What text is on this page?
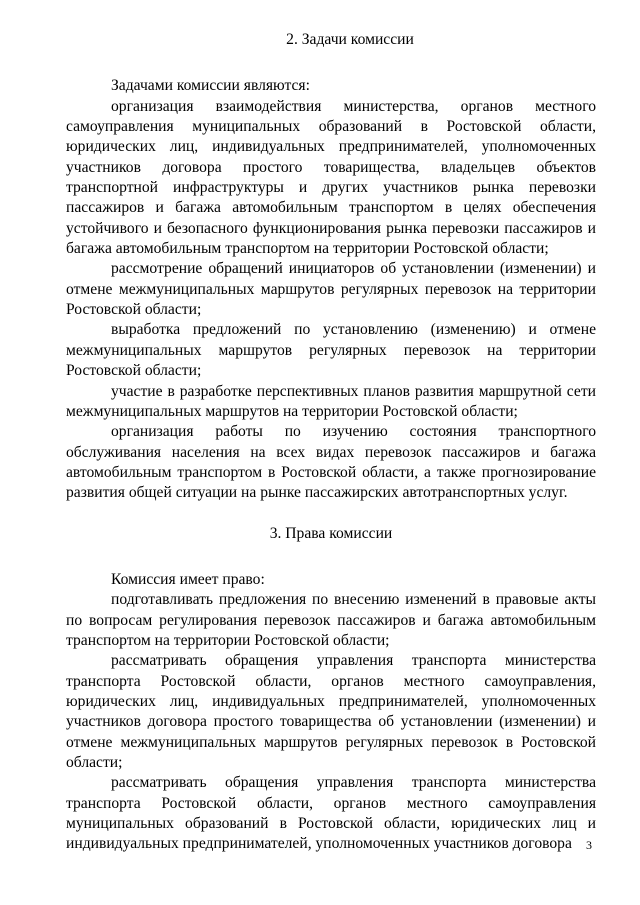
2. Задачи комиссии

Задачами комиссии являются:

организация взаимодействия министерства, органов местного самоуправления муниципальных образований в Ростовской области, юридических лиц, индивидуальных предпринимателей, уполномоченных участников договора простого товарищества, владельцев объектов транспортной инфраструктуры и других участников рынка перевозки пассажиров и багажа автомобильным транспортом в целях обеспечения устойчивого и безопасного функционирования рынка перевозки пассажиров и багажа автомобильным транспортом на территории Ростовской области;

рассмотрение обращений инициаторов об установлении (изменении) и отмене межмуниципальных маршрутов регулярных перевозок на территории Ростовской области;

выработка предложений по установлению (изменению) и отмене межмуниципальных маршрутов регулярных перевозок на территории Ростовской области;

участие в разработке перспективных планов развития маршрутной сети межмуниципальных маршрутов на территории Ростовской области;

организация работы по изучению состояния транспортного обслуживания населения на всех видах перевозок пассажиров и багажа автомобильным транспортом в Ростовской области, а также прогнозирование развития общей ситуации на рынке пассажирских автотранспортных услуг.

3. Права комиссии

Комиссия имеет право:

подготавливать предложения по внесению изменений в правовые акты по вопросам регулирования перевозок пассажиров и багажа автомобильным транспортом на территории Ростовской области;

рассматривать обращения управления транспорта министерства транспорта Ростовской области, органов местного самоуправления, юридических лиц, индивидуальных предпринимателей, уполномоченных участников договора простого товарищества об установлении (изменении) и отмене межмуниципальных маршрутов регулярных перевозок в Ростовской области;

рассматривать обращения управления транспорта министерства транспорта Ростовской области, органов местного самоуправления муниципальных образований в Ростовской области, юридических лиц и индивидуальных предпринимателей, уполномоченных участников договора	3
